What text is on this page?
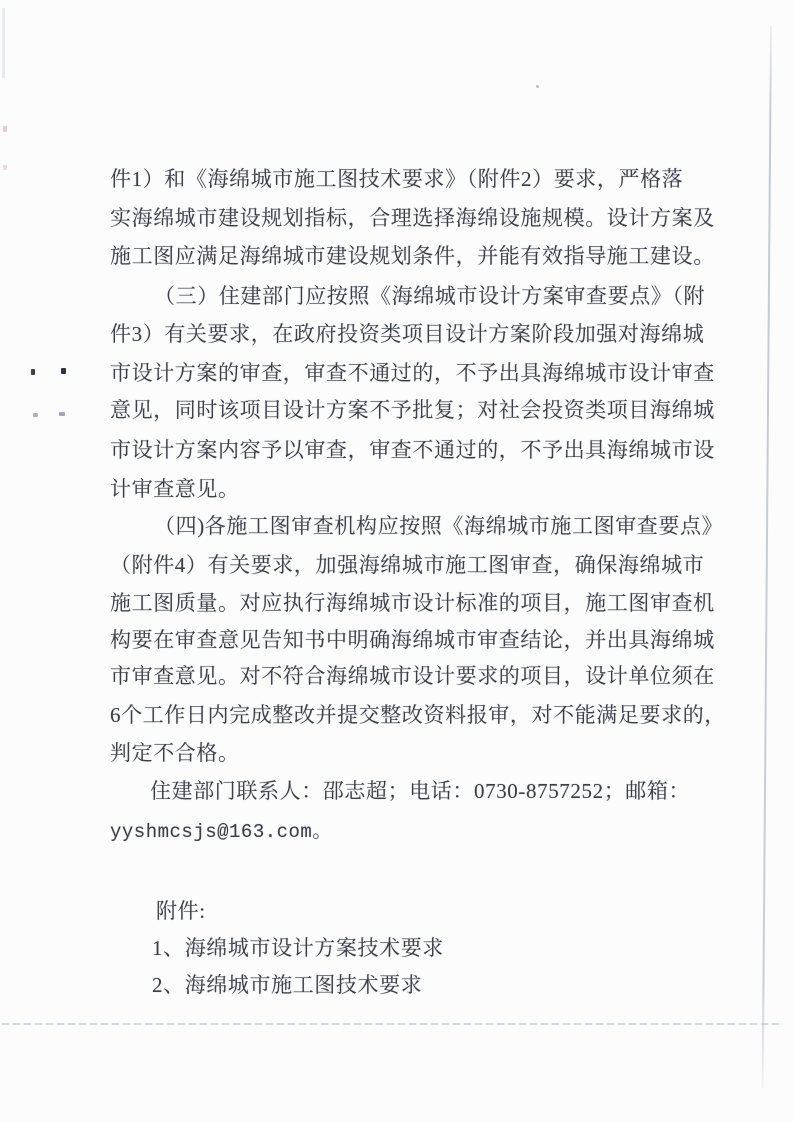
件1）和《海绵城市施工图技术要求》（附件2）要求，严格落
实海绵城市建设规划指标，合理选择海绵设施规模。设计方案及
施工图应满足海绵城市建设规划条件，并能有效指导施工建设。
（三）住建部门应按照《海绵城市设计方案审查要点》（附
件3）有关要求，在政府投资类项目设计方案阶段加强对海绵城
市设计方案的审查，审查不通过的，不予出具海绵城市设计审查
意见，同时该项目设计方案不予批复；对社会投资类项目海绵城
市设计方案内容予以审查，审查不通过的，不予出具海绵城市设
计审查意见。
（四)各施工图审查机构应按照《海绵城市施工图审查要点》
（附件4）有关要求，加强海绵城市施工图审查，确保海绵城市
施工图质量。对应执行海绵城市设计标准的项目，施工图审查机
构要在审查意见告知书中明确海绵城市审查结论，并出具海绵城
市审查意见。对不符合海绵城市设计要求的项目，设计单位须在
6个工作日内完成整改并提交整改资料报审，对不能满足要求的，
判定不合格。
住建部门联系人：邵志超；电话：0730-8757252；邮箱：
yyshmcsjs@163.com。
附件:
1、海绵城市设计方案技术要求
2、海绵城市施工图技术要求
